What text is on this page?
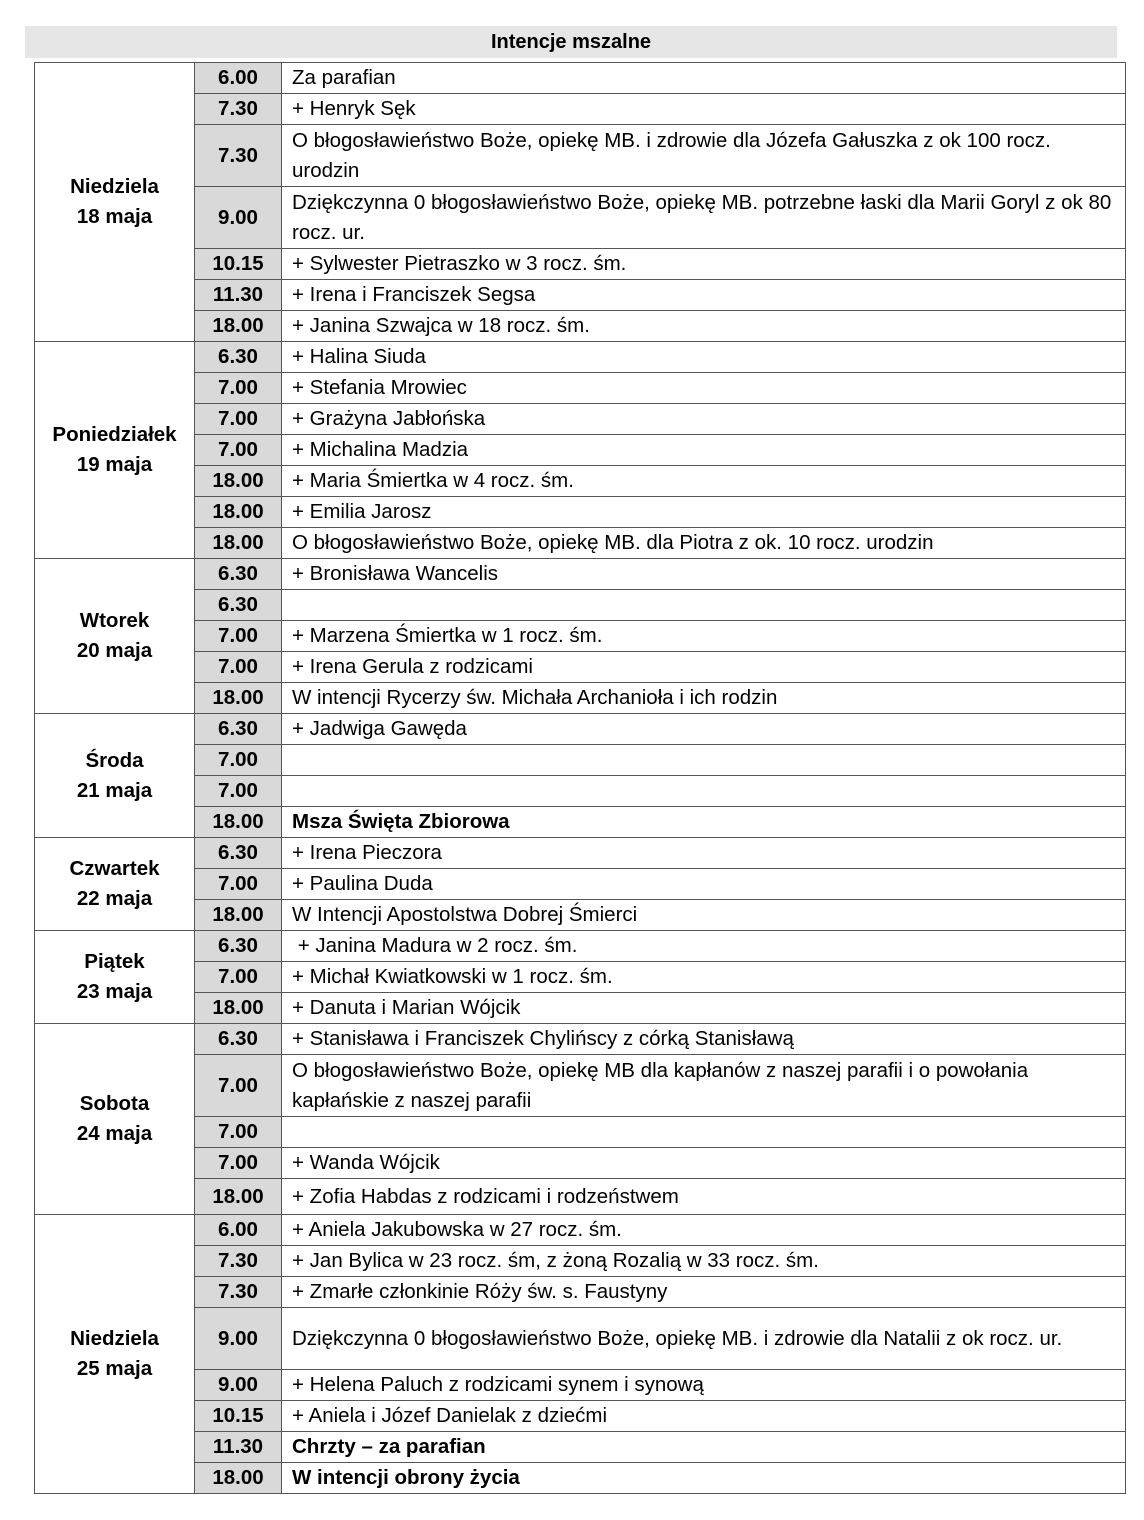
Intencje mszalne
Niedziela
18 maja	6.00	Za parafian
	7.30	+ Henryk Sęk
	7.30	O błogosławieństwo Boże, opiekę MB. i zdrowie dla Józefa Gałuszka z ok 100 rocz. urodzin
	9.00	Dziękczynna 0 błogosławieństwo Boże, opiekę MB. potrzebne łaski dla Marii Goryl z ok 80 rocz. ur.
	10.15	+ Sylwester Pietraszko w 3 rocz. śm.
	11.30	+ Irena i Franciszek Segsa
	18.00	+ Janina Szwajca w 18 rocz. śm.

Poniedziałek
19 maja	6.30	+ Halina Siuda
	7.00	+ Stefania Mrowiec
	7.00	+ Grażyna Jabłońska
	7.00	+ Michalina Madzia
	18.00	+ Maria Śmiertka w 4 rocz. śm.
	18.00	+ Emilia Jarosz
	18.00	O błogosławieństwo Boże, opiekę MB. dla Piotra z ok. 10 rocz. urodzin

Wtorek
20 maja	6.30	+ Bronisława Wancelis
	6.30	
	7.00	+ Marzena Śmiertka w 1 rocz. śm.
	7.00	+ Irena Gerula z rodzicami
	18.00	W intencji Rycerzy św. Michała Archanioła i ich rodzin

Środa
21 maja	6.30	+ Jadwiga Gawęda
	7.00	
	7.00	
	18.00	Msza Święta Zbiorowa

Czwartek
22 maja	6.30	+ Irena Pieczora
	7.00	+ Paulina Duda
	18.00	W Intencji Apostolstwa Dobrej Śmierci

Piątek
23 maja	6.30	+ Janina Madura w 2 rocz. śm.
	7.00	+ Michał Kwiatkowski w 1 rocz. śm.
	18.00	+ Danuta i Marian Wójcik

Sobota
24 maja	6.30	+ Stanisława i Franciszek Chylińscy z córką Stanisławą
	7.00	O błogosławieństwo Boże, opiekę MB dla kapłanów z naszej parafii i o powołania kapłańskie z naszej parafii
	7.00	
	7.00	+ Wanda Wójcik
	18.00	+ Zofia Habdas z rodzicami i rodzeństwem

Niedziela
25 maja	6.00	+ Aniela Jakubowska w 27 rocz. śm.
	7.30	+ Jan Bylica w 23 rocz. śm, z żoną Rozalią w 33 rocz. śm.
	7.30	+ Zmarłe członkinie Róży św. s. Faustyny
	9.00	Dziękczynna 0 błogosławieństwo Boże, opiekę MB. i zdrowie dla Natalii z ok rocz. ur.
	9.00	+ Helena Paluch z rodzicami synem i synową
	10.15	+ Aniela i Józef Danielak z dziećmi
	11.30	Chrzty – za parafian
	18.00	W intencji obrony życia
